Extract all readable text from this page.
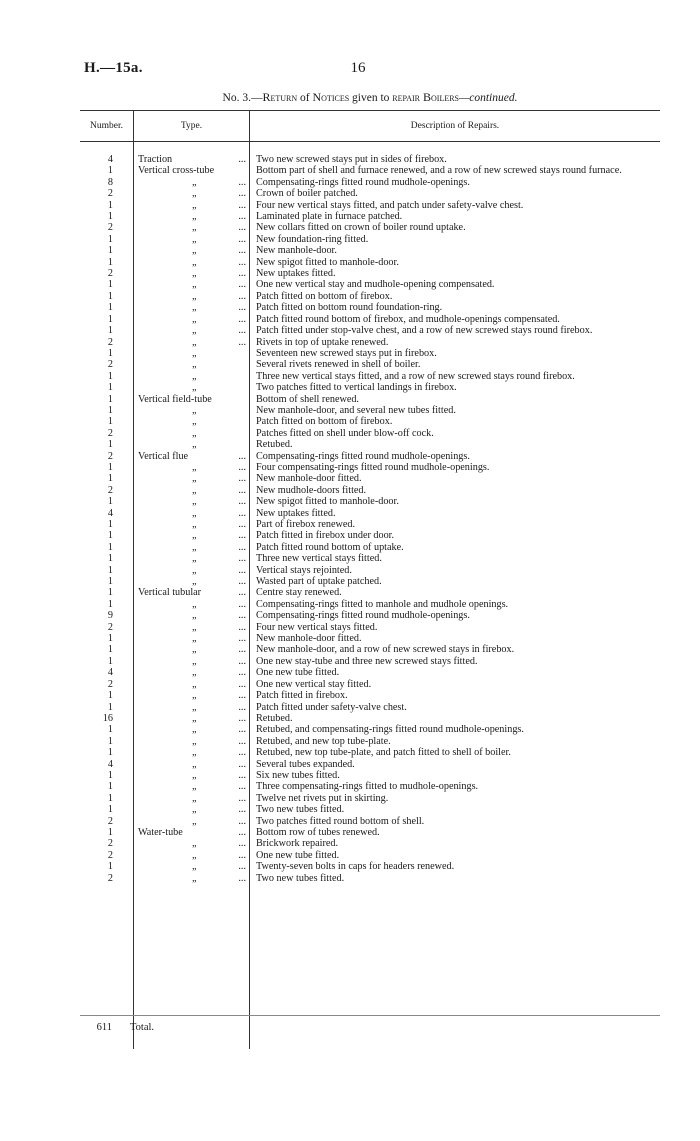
H.—15a.	16
No. 3.—Return of Notices given to repair Boilers—continued.
Number.	Type.	Description of Repairs.
4 Traction	... Two new screwed stays put in sides of firebox.
1 Vertical cross-tube	Bottom part of shell and furnace renewed, and a row of new screwed stays round furnace.
8	„	... Compensating-rings fitted round mudhole-openings.
2	„	... Crown of boiler patched.
1	„	... Four new vertical stays fitted, and patch under safety-valve chest.
1	„	... Laminated plate in furnace patched.
2	„	... New collars fitted on crown of boiler round uptake.
1	„	... New foundation-ring fitted.
1	„	... New manhole-door.
1	„	... New spigot fitted to manhole-door.
2	„	... New uptakes fitted.
1	„	... One new vertical stay and mudhole-opening compensated.
1	„	... Patch fitted on bottom of firebox.
1	„	... Patch fitted on bottom round foundation-ring.
1	„	... Patch fitted round bottom of firebox, and mudhole-openings compensated.
1	„	... Patch fitted under stop-valve chest, and a row of new screwed stays round firebox.
2	„	... Rivets in top of uptake renewed.
1	„	Seventeen new screwed stays put in firebox.
2	„	Several rivets renewed in shell of boiler.
1	„	Three new vertical stays fitted, and a row of new screwed stays round firebox.
1	„	Two patches fitted to vertical landings in firebox.
1 Vertical field-tube	Bottom of shell renewed.
1	„	New manhole-door, and several new tubes fitted.
1	„	Patch fitted on bottom of firebox.
2	„	Patches fitted on shell under blow-off cock.
1	„	Retubed.
2 Vertical flue	... Compensating-rings fitted round mudhole-openings.
1	„	... Four compensating-rings fitted round mudhole-openings.
1	„	... New manhole-door fitted.
2	„	... New mudhole-doors fitted.
1	„	... New spigot fitted to manhole-door.
4	„	... New uptakes fitted.
1	„	... Part of firebox renewed.
1	„	... Patch fitted in firebox under door.
1	„	... Patch fitted round bottom of uptake.
1	„	... Three new vertical stays fitted.
1	„	... Vertical stays rejointed.
1	„	... Wasted part of uptake patched.
1 Vertical tubular	... Centre stay renewed.
1	„	... Compensating-rings fitted to manhole and mudhole openings.
9	„	... Compensating-rings fitted round mudhole-openings.
2	„	... Four new vertical stays fitted.
1	„	... New manhole-door fitted.
1	„	... New manhole-door, and a row of new screwed stays in firebox.
1	„	... One new stay-tube and three new screwed stays fitted.
4	„	... One new tube fitted.
2	„	... One new vertical stay fitted.
1	„	... Patch fitted in firebox.
1	„	... Patch fitted under safety-valve chest.
16	„	... Retubed.
1	„	... Retubed, and compensating-rings fitted round mudhole-openings.
1	„	... Retubed, and new top tube-plate.
1	„	... Retubed, new top tube-plate, and patch fitted to shell of boiler.
4	„	... Several tubes expanded.
1	„	... Six new tubes fitted.
1	„	... Three compensating-rings fitted to mudhole-openings.
1	„	... Twelve net rivets put in skirting.
1	„	... Two new tubes fitted.
2	„	... Two patches fitted round bottom of shell.
1 Water-tube	... Bottom row of tubes renewed.
2	„	... Brickwork repaired.
2	„	... One new tube fitted.
1	„	... Twenty-seven bolts in caps for headers renewed.
2	„	... Two new tubes fitted.
611 Total.
